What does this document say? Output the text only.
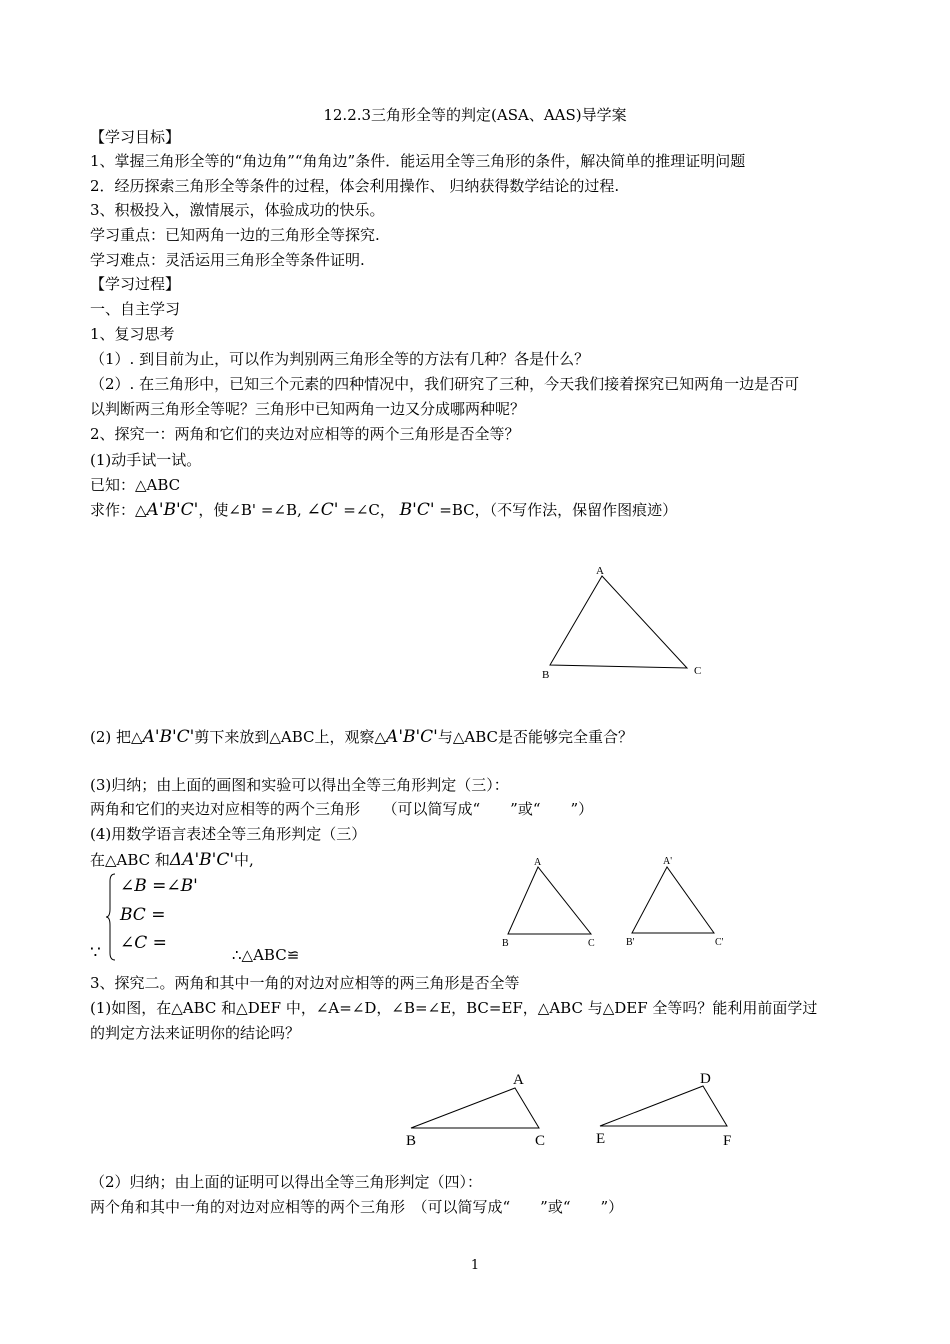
12.2.3三角形全等的判定(ASA、AAS)导学案
【学习目标】
1、掌握三角形全等的“角边角”“角角边”条件．能运用全等三角形的条件，解决简单的推理证明问题
2．经历探索三角形全等条件的过程，体会利用操作、 归纳获得数学结论的过程.
3、积极投入，激情展示，体验成功的快乐。
学习重点：已知两角一边的三角形全等探究.
学习难点：灵活运用三角形全等条件证明.
【学习过程】
一、自主学习
1、复习思考
（1）. 到目前为止，可以作为判别两三角形全等的方法有几种？各是什么？
（2）. 在三角形中，已知三个元素的四种情况中，我们研究了三种，今天我们接着探究已知两角一边是否可
以判断两三角形全等呢？三角形中已知两角一边又分成哪两种呢？
2、探究一：两角和它们的夹边对应相等的两个三角形是否全等？
(1)动手试一试。
已知：△ABC
求作：△A'B'C'，使∠B' =∠B, ∠C' =∠C， B'C' =BC，（不写作法，保留作图痕迹）
A
B	C
(2) 把△A'B'C'剪下来放到△ABC上，观察△A'B'C'与△ABC是否能够完全重合？
(3)归纳；由上面的画图和实验可以得出全等三角形判定（三）：
两角和它们的夹边对应相等的两个三角形　　（可以简写成“　　”或“　　”）
(4)用数学语言表述全等三角形判定（三）
在△ABC 和ΔA'B'C'中,
∠B =∠B'
BC =
∠C =
∵	∴△ABC≌
A
B	C
A'
B'	C'
3、探究二。两角和其中一角的对边对应相等的两三角形是否全等
(1)如图，在△ABC 和△DEF 中，∠A=∠D，∠B=∠E，BC=EF，△ABC 与△DEF 全等吗？能利用前面学过
的判定方法来证明你的结论吗？
A
B	C
D
E	F
（2）归纳；由上面的证明可以得出全等三角形判定（四）：
两个角和其中一角的对边对应相等的两个三角形　（可以简写成“　　”或“　　”）
1
